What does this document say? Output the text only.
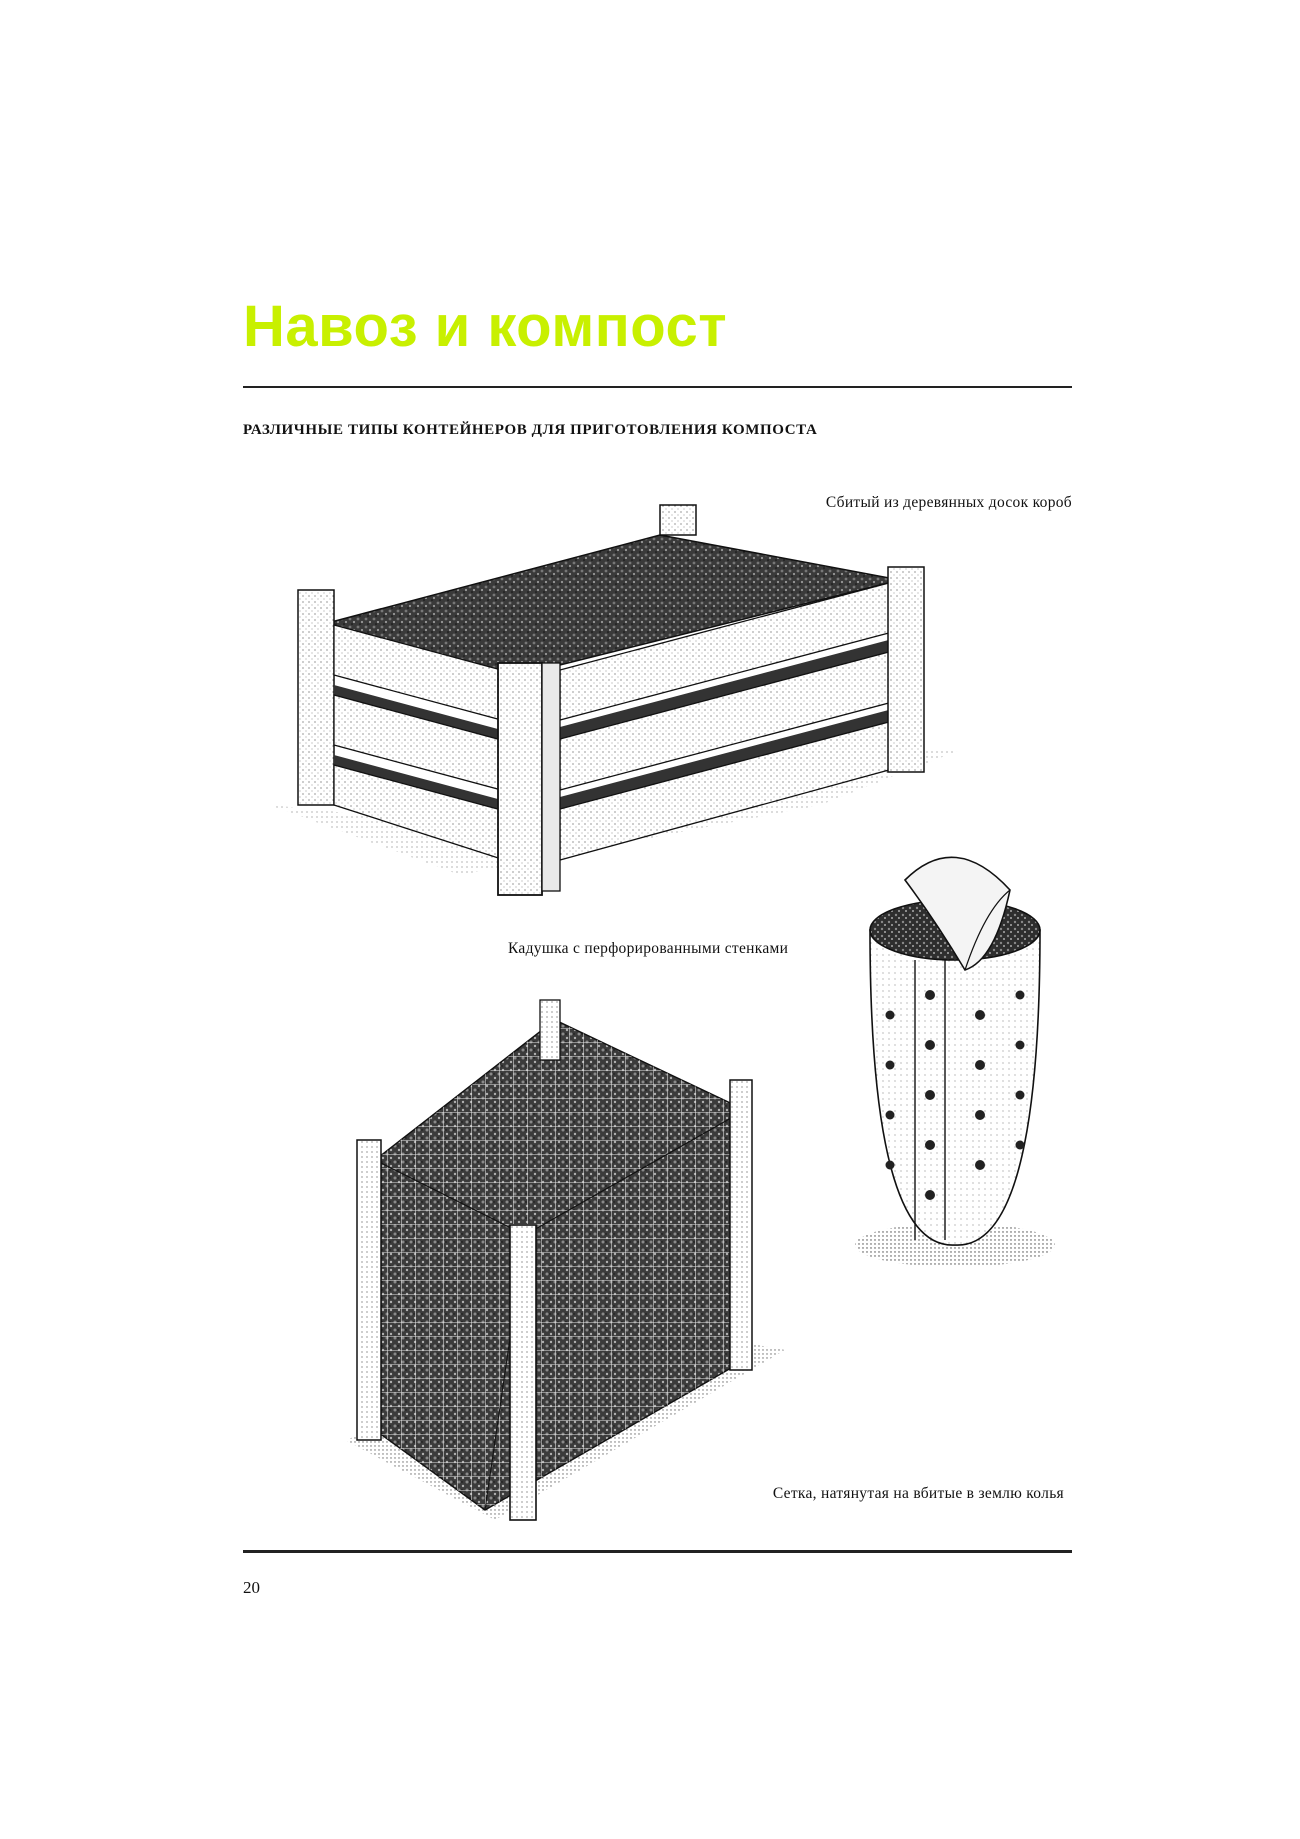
Навоз и компост
РАЗЛИЧНЫЕ ТИПЫ КОНТЕЙНЕРОВ ДЛЯ ПРИГОТОВЛЕНИЯ КОМПОСТА

Сбитый из деревянных досок короб

Кадушка с перфорированными стенками

Сетка, натянутая на вбитые в землю колья

20
